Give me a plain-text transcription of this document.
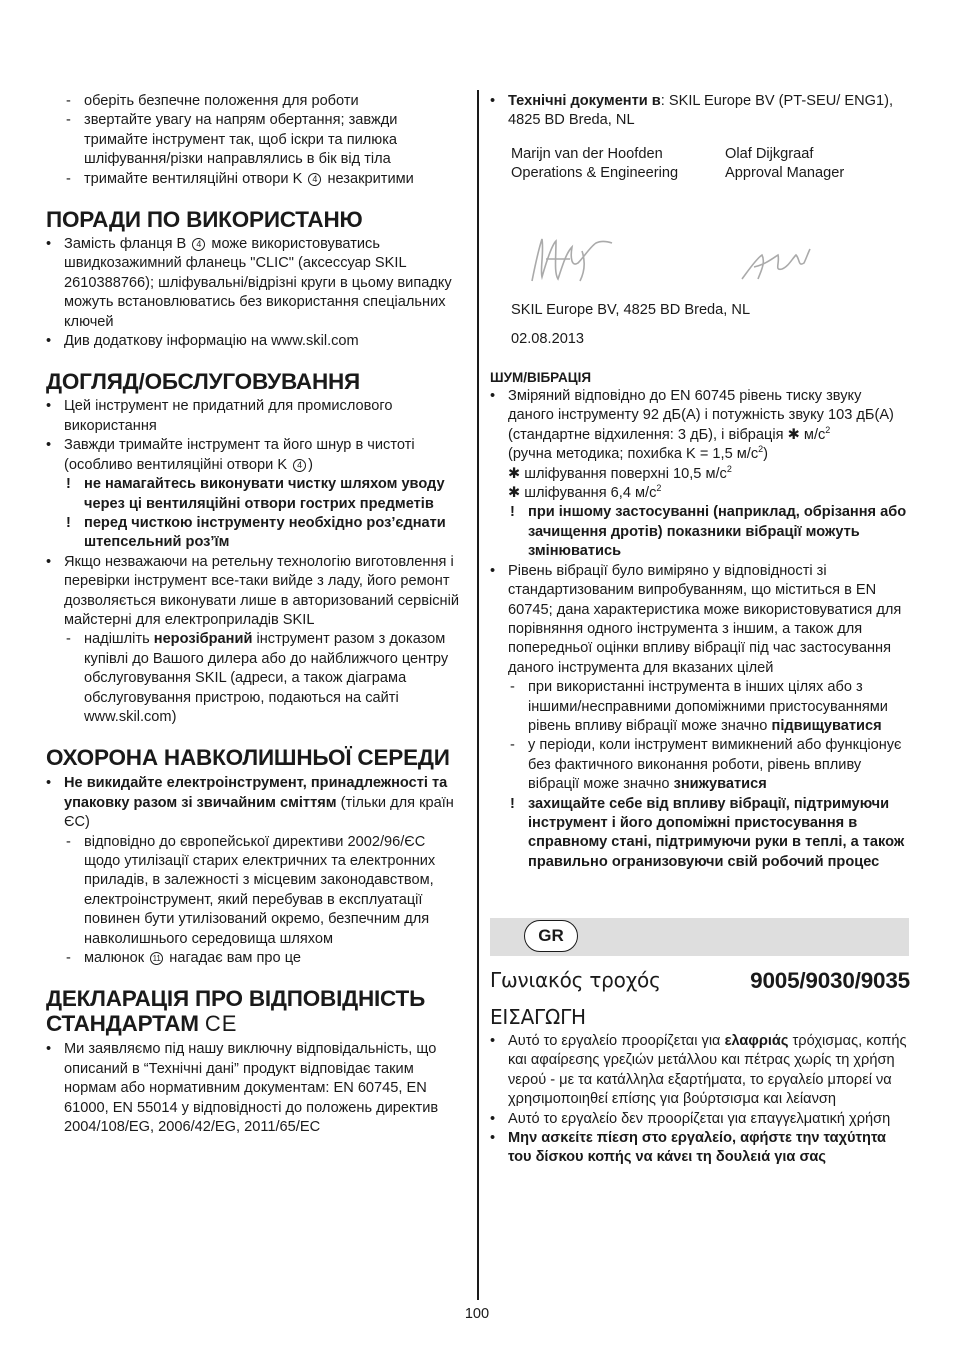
- оберіть безпечне положення для роботи
- звертайте увагу на напрям обертання; завжди тримайте інструмент так, щоб іскри та пилюка шліфування/різки направлялись в бік від тіла
- тримайте вентиляційні отвори K 4 незакритими
ПОРАДИ ПО ВИКОРИСТАНЮ
• Замість фланця B 4 може використовуватись швидкозажимний фланець "CLIC" (аксессуар SKIL 2610388766); шліфувальні/відрізні круги в цьому випадку можуть встановлюватись без використання спеціальних ключей
• Див додаткову інформацію на www.skil.com
ДОГЛЯД/ОБСЛУГОВУВАННЯ
• Цей інструмент не придатний для промислового використання
• Завжди тримайте інструмент та його шнур в чистоті (особливо вентиляційні отвори K 4 )
! не намагайтесь виконувати чистку шляхом уводу через ці вентиляційні отвори гострих предметів
! перед чисткою інструменту необхідно роз’єднати штепсельний роз’їм
• Якщо незважаючи на ретельну технологію виготовлення і перевірки інструмент все-таки вийде з ладу, його ремонт дозволяється виконувати лише в авторизований сервісній майстерні для електроприладів SKIL
- надішліть нерозібраний інструмент разом з доказом купівлі до Вашого дилера або до найближчого центру обслуговування SKIL (адреси, а також діаграма обслуговування пристрою, подаються на сайті www.skil.com)
ОХОРОНА НАВКОЛИШНЬОЇ СЕРЕДИ
• Не викидайте електроінструмент, принадлежності та упаковку разом зі звичайним сміттям (тільки для країн ЄС)
- відповідно до європейської директиви 2002/96/ЄС щодо утилізації старих електричних та електронних приладів, в залежності з місцевим законодавством, електроінструмент, який перебував в експлуатації повинен бути утилізований окремо, безпечним для навколишнього середовища шляхом
- малюнок 11 нагадає вам про це
ДЕКЛАРАЦІЯ ПРО ВІДПОВІДНІСТЬ СТАНДАРТАМ CE
• Ми заявляємо під нашу виключну відповідальність, що описаний в “Технічні дані” продукт відповідає таким нормам або нормативним документам: EN 60745, EN 61000, EN 55014 у відповідності до положень директив 2004/108/EG, 2006/42/EG, 2011/65/EC
• Технічні документи в: SKIL Europe BV (PT-SEU/ ENG1), 4825 BD Breda, NL
Marijn van der Hoofden
Operations & Engineering
Olaf Dijkgraaf
Approval Manager
SKIL Europe BV, 4825 BD Breda, NL
02.08.2013
ШУМ/ВІБРАЦІЯ
• Зміряний відповідно до EN 60745 рівень тиску звуку даного інструменту 92 дБ(A) і потужність звуку 103 дБ(A) (стандартне відхилення: 3 дБ), і вібрація ✱ $м/с^2$
(ручна методика; похибка K = 1,5 $м/с^2$)
✱ шліфування поверхні 10,5 $м/с^2$
✱ шліфування 6,4 $м/с^2$
! при іншому застосуванні (наприклад, обрізання або зачищення дротів) показники вібрації можуть змінюватись
• Рівень вібрації було виміряно у відповідності зі стандартизованим випробуванням, що міститься в EN 60745; дана характеристика може використовуватися для порівняння одного інструмента з іншим, а також для попередньої оцінки впливу вібрації під час застосування даного інструмента для вказаних цілей
- при використанні інструмента в інших цілях або з іншими/несправними допоміжними пристосуваннями рівень впливу вібрації може значно підвищуватися
- у періоди, коли інструмент вимикнений або функціонує без фактичного виконання роботи, рівень впливу вібрації може значно знижуватися
! захищайте себе від впливу вібрації, підтримуючи інструмент і його допоміжні пристосування в справному стані, підтримуючи руки в теплі, а також правильно огранизовуючи свій робочий процес
GR
Γωνιακός τροχός	9005/9030/9035
ΕΙΣΑΓΩΓΗ
• Αυτό το εργαλείο προορίζεται για ελαφριάς τρόχισμας, κοπής και αφαίρεσης γρεζιών μετάλλου και πέτρας χωρίς τη χρήση νερού - με τα κατάλληλα εξαρτήματα, το εργαλείο μπορεί να χρησιμοποιηθεί επίσης για βούρτσισμα και λείανση
• Αυτό το εργαλείο δεν προορίζεται για επαγγελματική χρήση
• Μην ασκείτε πίεση στο εργαλείο, αφήστε την ταχύτητα του δίσκου κοπής να κάνει τη δουλειά για σας
100
